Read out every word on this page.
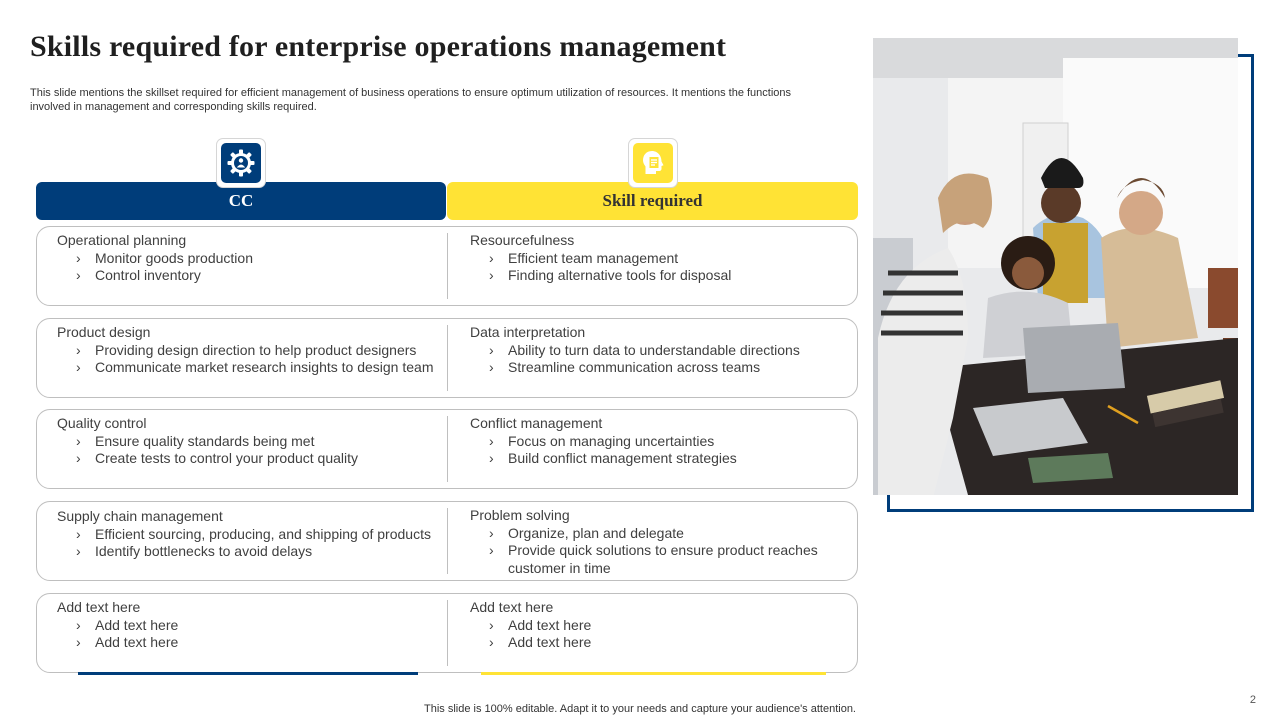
Skills required for enterprise operations management

This slide mentions the skillset required for efficient management of business operations to ensure optimum utilization of resources. It mentions the functions involved in management and corresponding skills required.

CC	Skill required

Operational planning

› Monitor goods production
› Control inventory

Resourcefulness

› Efficient team management
› Finding alternative tools for disposal

Product design

› Providing design direction to help product designers
› Communicate market research insights to design team

Data interpretation

› Ability to turn data to understandable directions
› Streamline communication across teams

Quality control

› Ensure quality standards being met
› Create tests to control your product quality

Conflict management

› Focus on managing uncertainties
› Build conflict management strategies

Supply chain management

› Efficient sourcing, producing, and shipping of products
› Identify bottlenecks to avoid delays

Problem solving

› Organize, plan and delegate
› Provide quick solutions to ensure product reaches customer in time

Add text here

› Add text here
› Add text here

Add text here

› Add text here
› Add text here
This slide is 100% editable. Adapt it to your needs and capture your audience's attention.
2
